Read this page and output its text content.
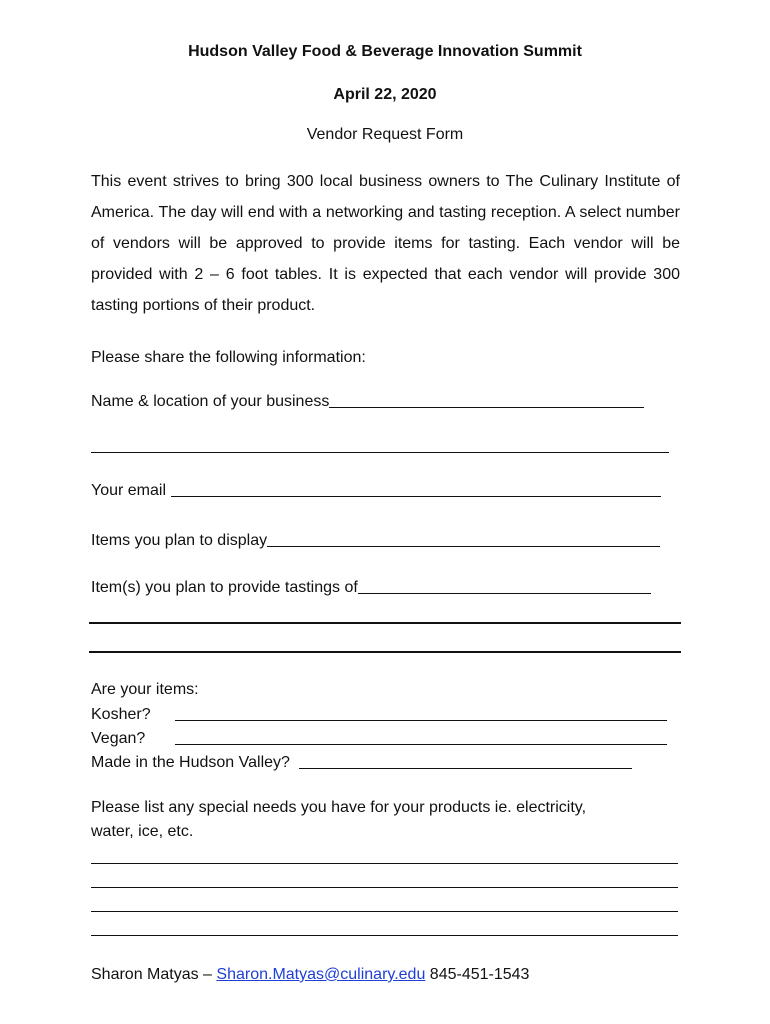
Hudson Valley Food & Beverage Innovation Summit
April 22, 2020
Vendor Request Form

This event strives to bring 300 local business owners to The Culinary Institute of America. The day will end with a networking and tasting reception. A select number of vendors will be approved to provide items for tasting. Each vendor will be provided with 2 – 6 foot tables. It is expected that each vendor will provide 300 tasting portions of their product.

Please share the following information:
Name & location of your business
Your email
Items you plan to display
Item(s) you plan to provide tastings of
Are your items:
Kosher?
Vegan?
Made in the Hudson Valley?
Please list any special needs you have for your products ie. electricity,
water, ice, etc.
Sharon Matyas – Sharon.Matyas@culinary.edu 845-451-1543
